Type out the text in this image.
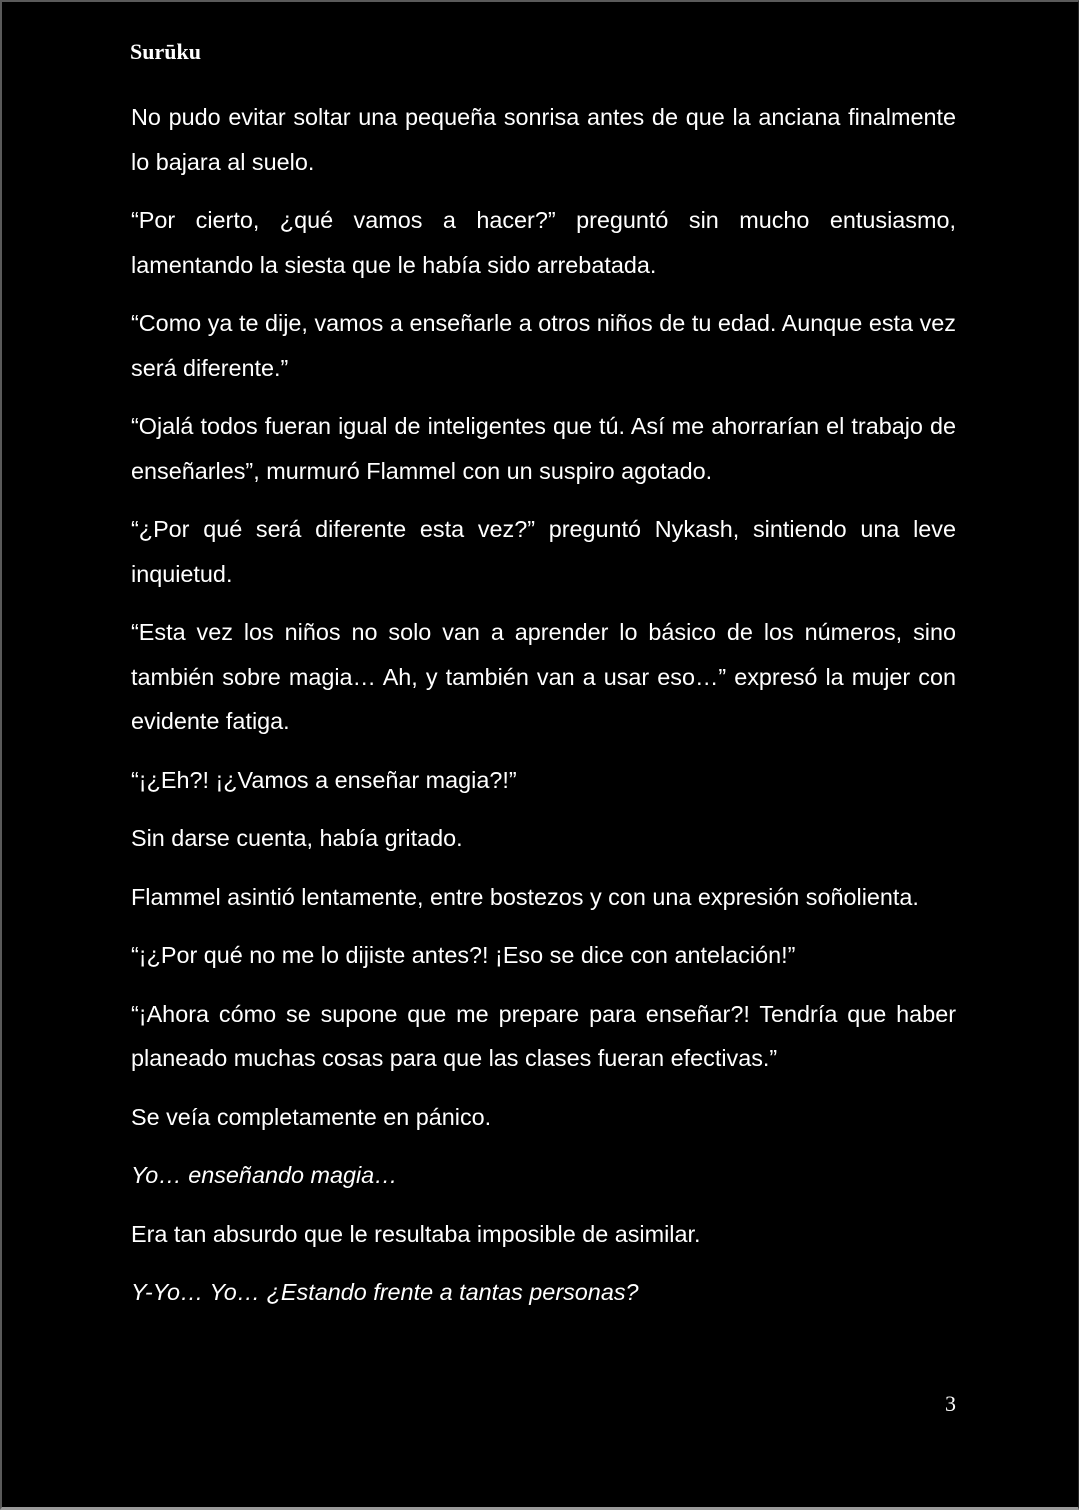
Surūku

No pudo evitar soltar una pequeña sonrisa antes de que la anciana finalmente lo bajara al suelo.

“Por cierto, ¿qué vamos a hacer?” preguntó sin mucho entusiasmo, lamentando la siesta que le había sido arrebatada.

“Como ya te dije, vamos a enseñarle a otros niños de tu edad. Aunque esta vez será diferente.”

“Ojalá todos fueran igual de inteligentes que tú. Así me ahorrarían el trabajo de enseñarles”, murmuró Flammel con un suspiro agotado.

“¿Por qué será diferente esta vez?” preguntó Nykash, sintiendo una leve inquietud.

“Esta vez los niños no solo van a aprender lo básico de los números, sino también sobre magia… Ah, y también van a usar eso…” expresó la mujer con evidente fatiga.

“¡¿Eh?! ¡¿Vamos a enseñar magia?!”

Sin darse cuenta, había gritado.

Flammel asintió lentamente, entre bostezos y con una expresión soñolienta.

“¡¿Por qué no me lo dijiste antes?! ¡Eso se dice con antelación!”

“¡Ahora cómo se supone que me prepare para enseñar?! Tendría que haber planeado muchas cosas para que las clases fueran efectivas.”

Se veía completamente en pánico.

Yo… enseñando magia…

Era tan absurdo que le resultaba imposible de asimilar.

Y-Yo… Yo… ¿Estando frente a tantas personas?

3
